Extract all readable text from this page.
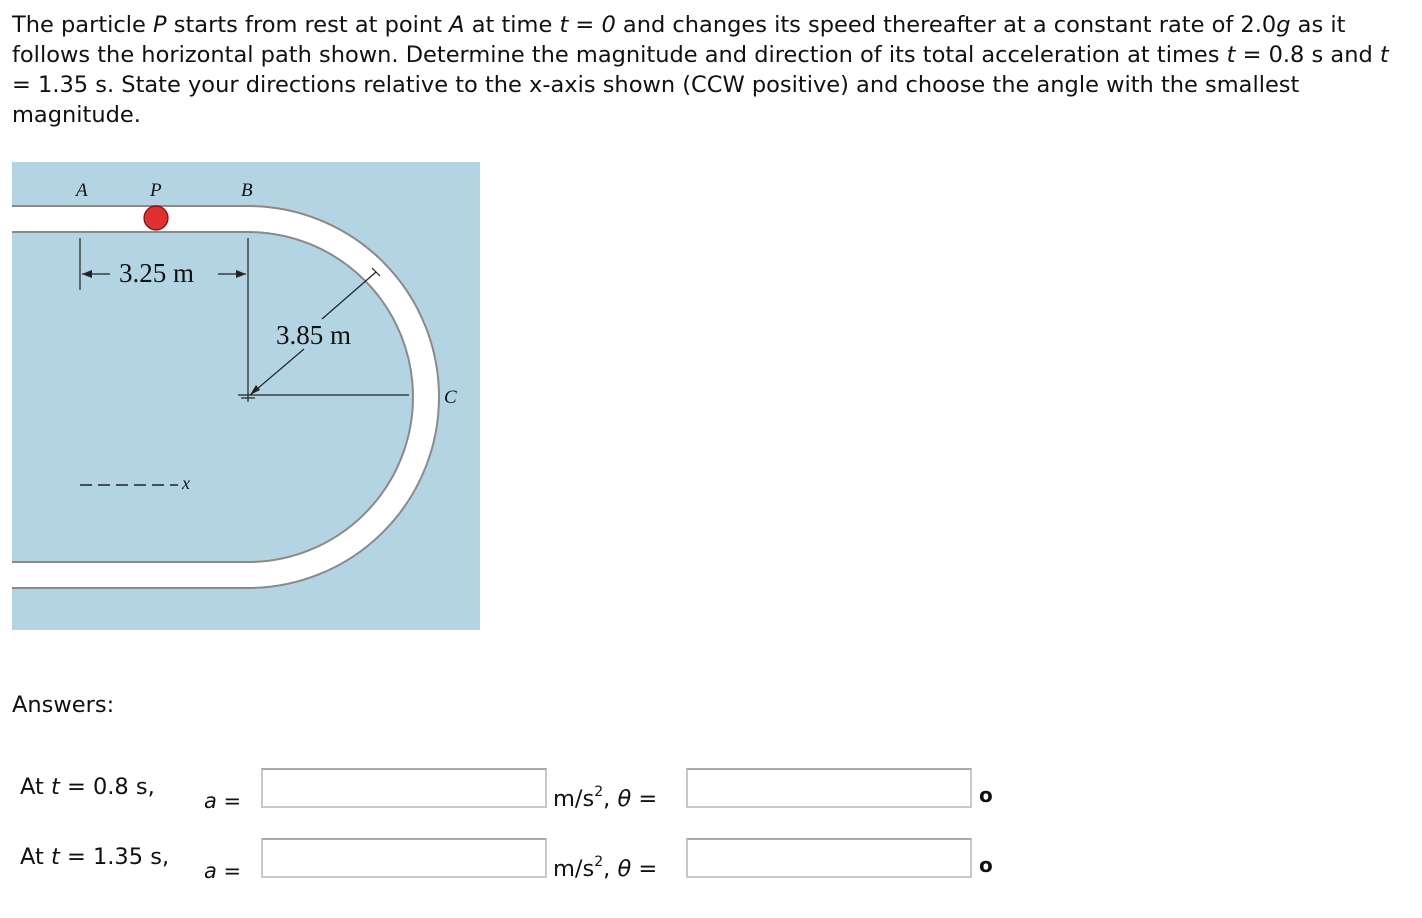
The particle P starts from rest at point A at time t = 0 and changes its speed thereafter at a constant rate of 2.0g as it follows the horizontal path shown. Determine the magnitude and direction of its total acceleration at times t = 0.8 s and t = 1.35 s. State your directions relative to the x-axis shown (CCW positive) and choose the angle with the smallest magnitude.

A	P	B
C
3.25 m
3.85 m
x
Answers:
At t = 0.8 s,
a =	$m/s^2$, θ =	o
At t = 1.35 s,
a =	$m/s^2$, θ =	o
